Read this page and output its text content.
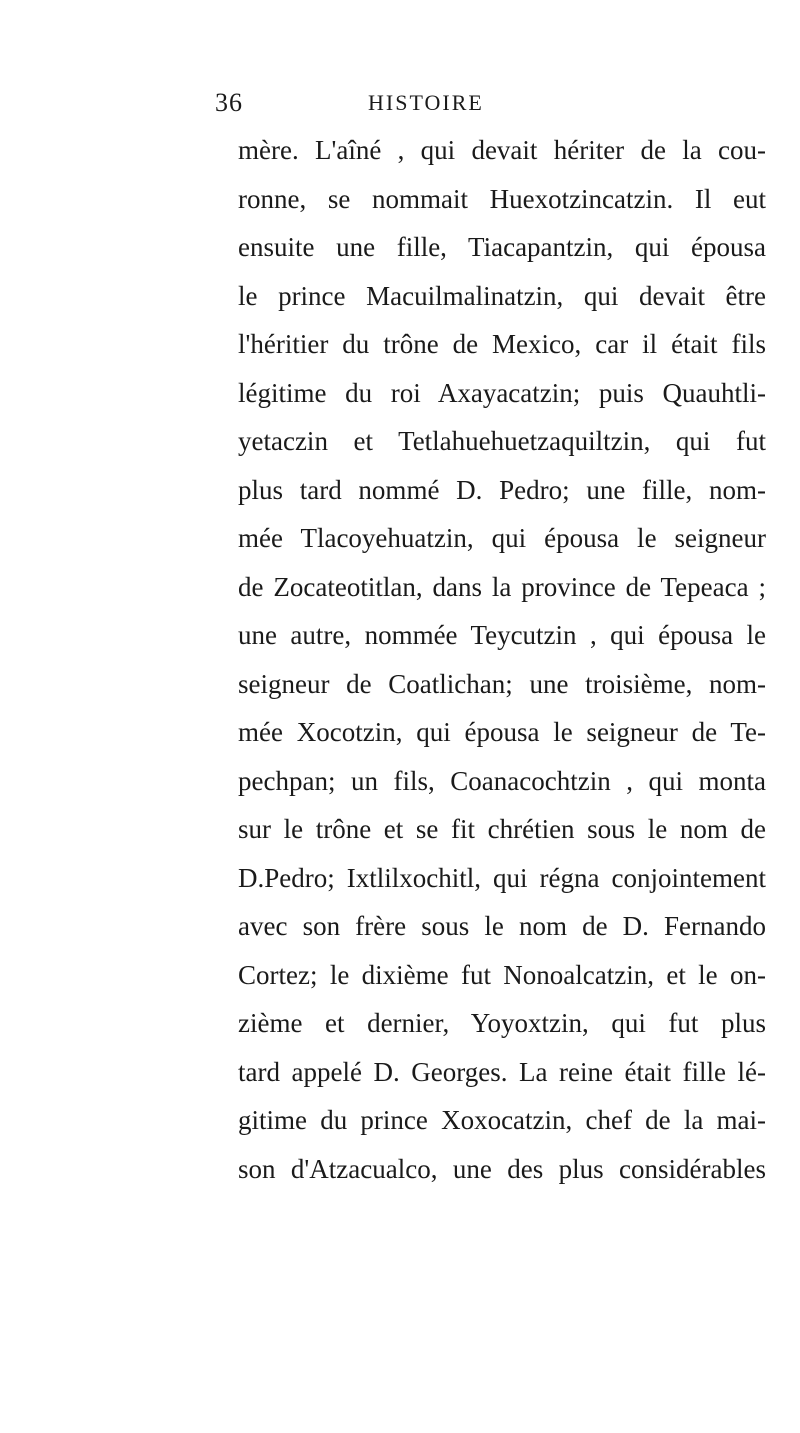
36	HISTOIRE
mère. L'aîné , qui devait hériter de la cou-
ronne, se nommait Huexotzincatzin. Il eut
ensuite une fille, Tiacapantzin, qui épousa
le prince Macuilmalinatzin, qui devait être
l'héritier du trône de Mexico, car il était fils
légitime du roi Axayacatzin; puis Quauhtli-
yetaczin et Tetlahuehuetzaquiltzin, qui fut
plus tard nommé D. Pedro; une fille, nom-
mée Tlacoyehuatzin, qui épousa le seigneur
de Zocateotitlan, dans la province de Tepeaca ;
une autre, nommée Teycutzin , qui épousa le
seigneur de Coatlichan; une troisième, nom-
mée Xocotzin, qui épousa le seigneur de Te-
pechpan; un fils, Coanacochtzin , qui monta
sur le trône et se fit chrétien sous le nom de
D.Pedro; Ixtlilxochitl, qui régna conjointement
avec son frère sous le nom de D. Fernando
Cortez; le dixième fut Nonoalcatzin, et le on-
zième et dernier, Yoyoxtzin, qui fut plus
tard appelé D. Georges. La reine était fille lé-
gitime du prince Xoxocatzin, chef de la mai-
son d'Atzacualco, une des plus considérables
